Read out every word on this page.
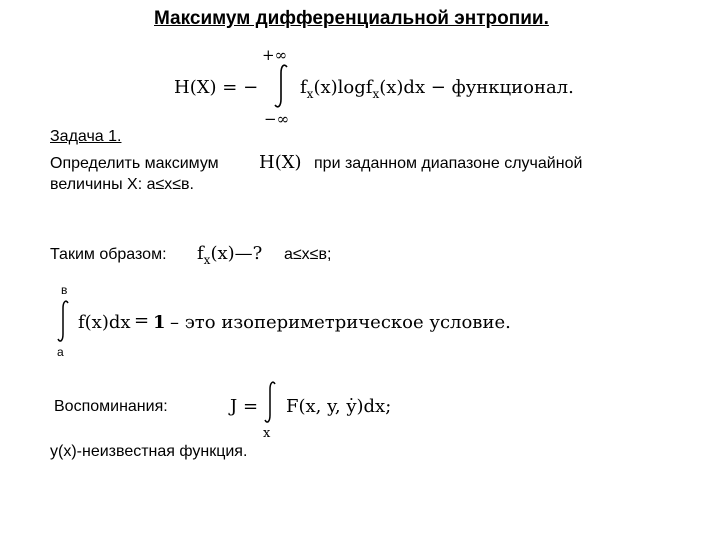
Максимум дифференциальной энтропии.
H(X) = −
+∞
−∞
$f_x(x)\log f_x(x)dx$ − функционал.
Задача 1.
Определить максимум H(X) при заданном диапазоне случайной
величины X: a≤x≤в.
Таким образом: $f_x(x)—$? a≤x≤в;
в
a
f(x)dx = 1 – это изопериметрическое условие.
Воспоминания:	J =
x
F(x, y, ẏ)dx;
y(x)-неизвестная функция.
